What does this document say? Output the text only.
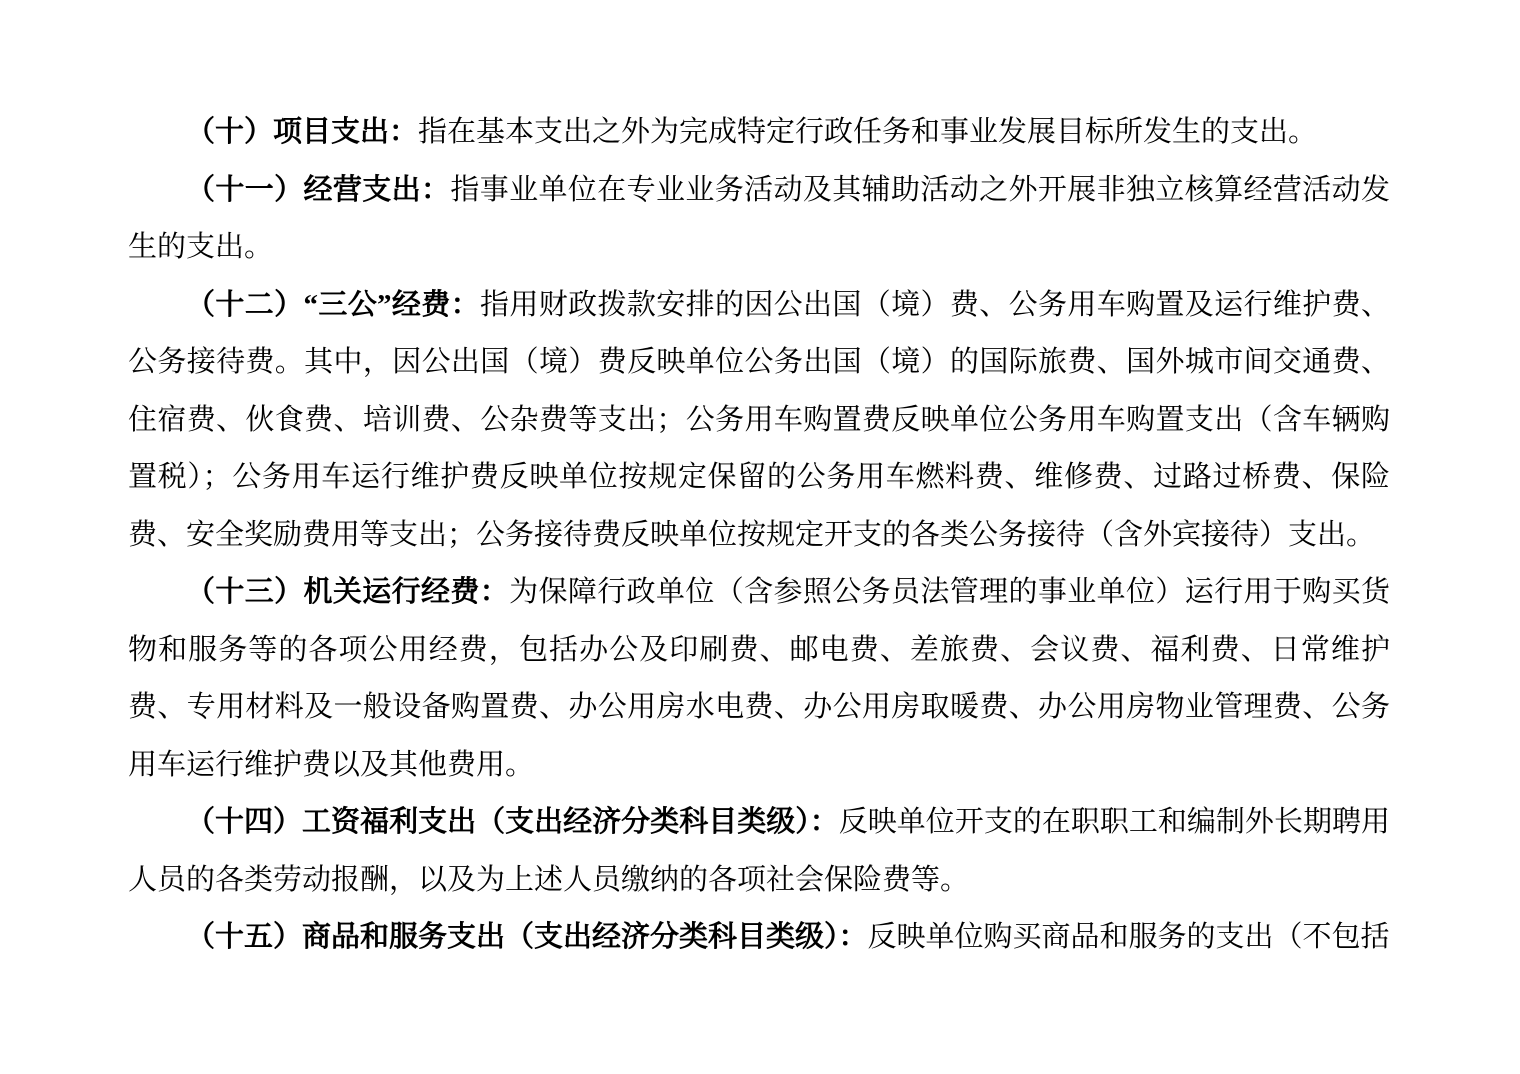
（十）项目支出：指在基本支出之外为完成特定行政任务和事业发展目标所发生的支出。

（十一）经营支出：指事业单位在专业业务活动及其辅助活动之外开展非独立核算经营活动发生的支出。

（十二）“三公”经费：指用财政拨款安排的因公出国（境）费、公务用车购置及运行维护费、公务接待费。其中，因公出国（境）费反映单位公务出国（境）的国际旅费、国外城市间交通费、住宿费、伙食费、培训费、公杂费等支出；公务用车购置费反映单位公务用车购置支出（含车辆购置税）；公务用车运行维护费反映单位按规定保留的公务用车燃料费、维修费、过路过桥费、保险费、安全奖励费用等支出；公务接待费反映单位按规定开支的各类公务接待（含外宾接待）支出。

（十三）机关运行经费：为保障行政单位（含参照公务员法管理的事业单位）运行用于购买货物和服务等的各项公用经费，包括办公及印刷费、邮电费、差旅费、会议费、福利费、日常维护费、专用材料及一般设备购置费、办公用房水电费、办公用房取暖费、办公用房物业管理费、公务用车运行维护费以及其他费用。

（十四）工资福利支出（支出经济分类科目类级）：反映单位开支的在职职工和编制外长期聘用人员的各类劳动报酬，以及为上述人员缴纳的各项社会保险费等。

（十五）商品和服务支出（支出经济分类科目类级）：反映单位购买商品和服务的支出（不包括
